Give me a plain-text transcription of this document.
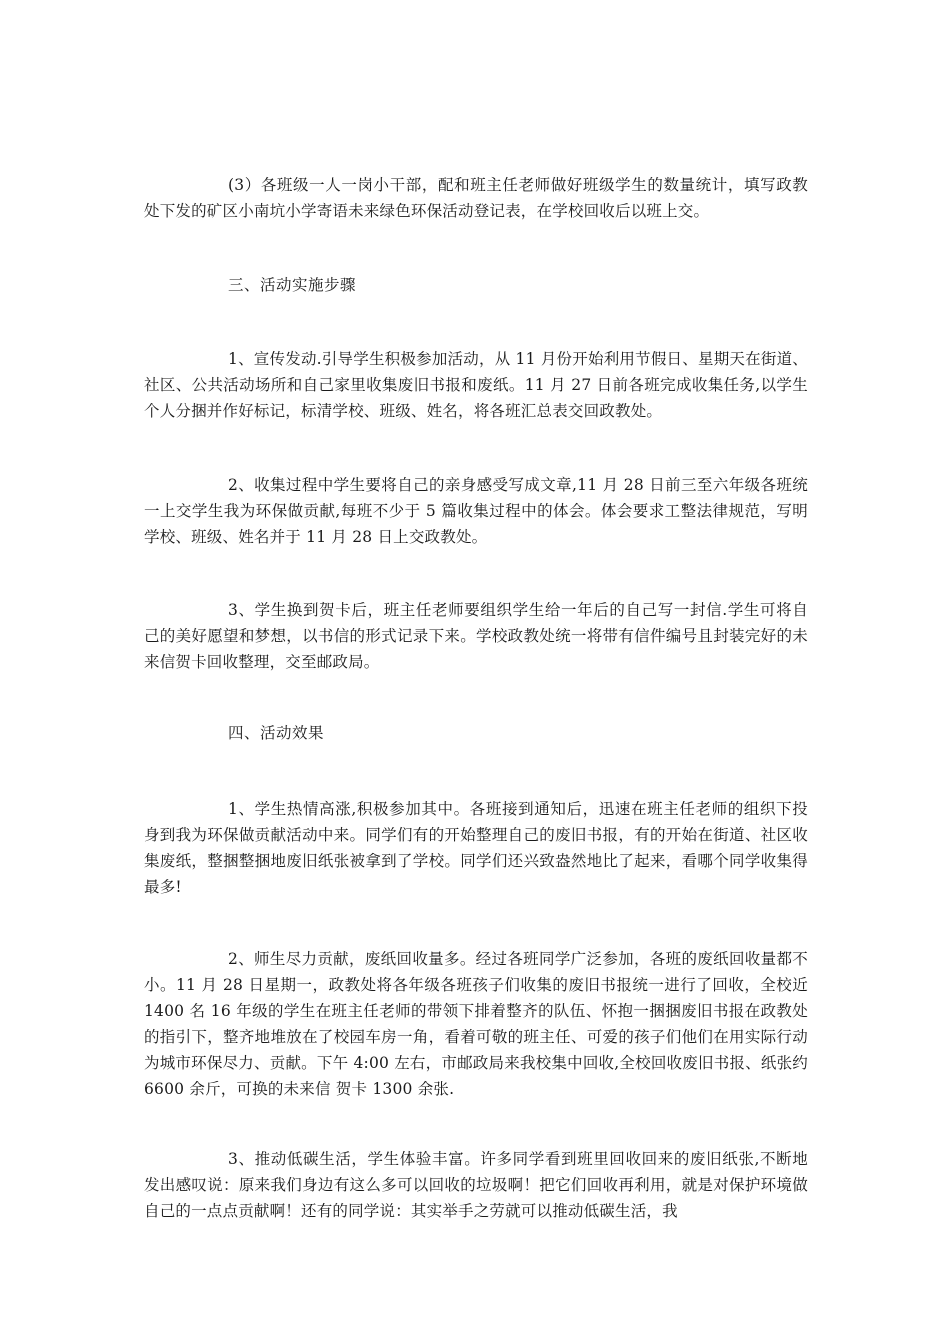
(3）各班级一人一岗小干部，配和班主任老师做好班级学生的数量统计，填写政教处下发的矿区小南坑小学寄语未来绿色环保活动登记表，在学校回收后以班上交。

三、活动实施步骤

1、宣传发动.引导学生积极参加活动，从 11 月份开始利用节假日、星期天在街道、社区、公共活动场所和自己家里收集废旧书报和废纸。11 月 27 日前各班完成收集任务,以学生个人分捆并作好标记，标清学校、班级、姓名，将各班汇总表交回政教处。

2、收集过程中学生要将自己的亲身感受写成文章,11 月 28 日前三至六年级各班统一上交学生我为环保做贡献,每班不少于 5 篇收集过程中的体会。体会要求工整法律规范，写明学校、班级、姓名并于 11 月 28 日上交政教处。

3、学生换到贺卡后，班主任老师要组织学生给一年后的自己写一封信.学生可将自己的美好愿望和梦想，以书信的形式记录下来。学校政教处统一将带有信件编号且封装完好的未来信贺卡回收整理，交至邮政局。

四、活动效果

1、学生热情高涨,积极参加其中。各班接到通知后，迅速在班主任老师的组织下投身到我为环保做贡献活动中来。同学们有的开始整理自己的废旧书报，有的开始在街道、社区收集废纸，整捆整捆地废旧纸张被拿到了学校。同学们还兴致盎然地比了起来，看哪个同学收集得最多!

2、师生尽力贡献，废纸回收量多。经过各班同学广泛参加，各班的废纸回收量都不小。11 月 28 日星期一，政教处将各年级各班孩子们收集的废旧书报统一进行了回收，全校近 1400 名 16 年级的学生在班主任老师的带领下排着整齐的队伍、怀抱一捆捆废旧书报在政教处的指引下，整齐地堆放在了校园车房一角，看着可敬的班主任、可爱的孩子们他们在用实际行动为城市环保尽力、贡献。下午 4:00 左右，市邮政局来我校集中回收,全校回收废旧书报、纸张约 6600 余斤，可换的未来信 贺卡 1300 余张.

3、推动低碳生活，学生体验丰富。许多同学看到班里回收回来的废旧纸张,不断地发出感叹说：原来我们身边有这么多可以回收的垃圾啊！把它们回收再利用，就是对保护环境做自己的一点点贡献啊！还有的同学说：其实举手之劳就可以推动低碳生活，我
